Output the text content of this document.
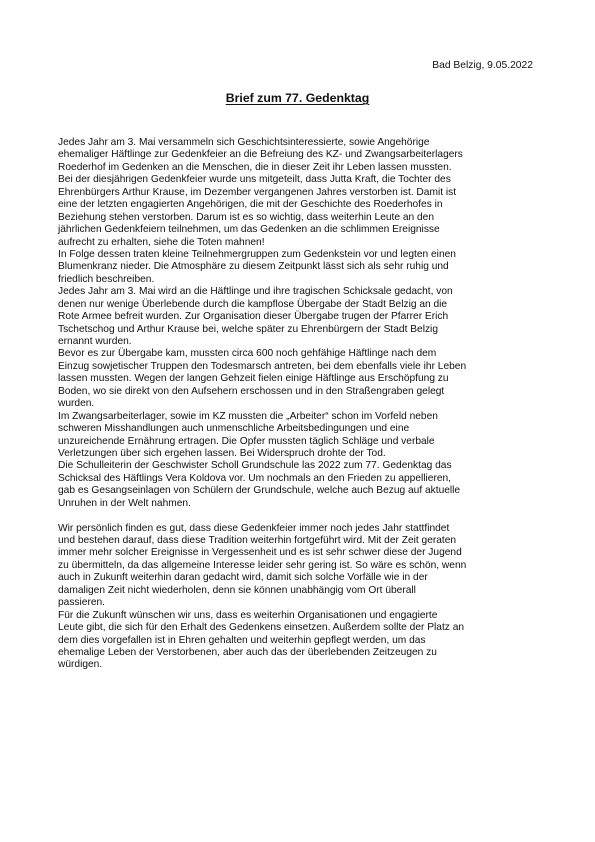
Bad Belzig, 9.05.2022
Brief zum 77. Gedenktag
Jedes Jahr am 3. Mai versammeln sich Geschichtsinteressierte, sowie Angehörige
ehemaliger Häftlinge zur Gedenkfeier an die Befreiung des KZ- und Zwangsarbeiterlagers
Roederhof im Gedenken an die Menschen, die in dieser Zeit ihr Leben lassen mussten.
Bei der diesjährigen Gedenkfeier wurde uns mitgeteilt, dass Jutta Kraft, die Tochter des
Ehrenbürgers Arthur Krause, im Dezember vergangenen Jahres verstorben ist. Damit ist
eine der letzten engagierten Angehörigen, die mit der Geschichte des Roederhofes in
Beziehung stehen verstorben. Darum ist es so wichtig, dass weiterhin Leute an den
jährlichen Gedenkfeiern teilnehmen, um das Gedenken an die schlimmen Ereignisse
aufrecht zu erhalten, siehe die Toten mahnen!
In Folge dessen traten kleine Teilnehmergruppen zum Gedenkstein vor und legten einen
Blumenkranz nieder. Die Atmosphäre zu diesem Zeitpunkt lässt sich als sehr ruhig und
friedlich beschreiben.
Jedes Jahr am 3. Mai wird an die Häftlinge und ihre tragischen Schicksale gedacht, von
denen nur wenige Überlebende durch die kampflose Übergabe der Stadt Belzig an die
Rote Armee befreit wurden. Zur Organisation dieser Übergabe trugen der Pfarrer Erich
Tschetschog und Arthur Krause bei, welche später zu Ehrenbürgern der Stadt Belzig
ernannt wurden.
Bevor es zur Übergabe kam, mussten circa 600 noch gehfähige Häftlinge nach dem
Einzug sowjetischer Truppen den Todesmarsch antreten, bei dem ebenfalls viele ihr Leben
lassen mussten. Wegen der langen Gehzeit fielen einige Häftlinge aus Erschöpfung zu
Boden, wo sie direkt von den Aufsehern erschossen und in den Straßengraben gelegt
wurden.
Im Zwangsarbeiterlager, sowie im KZ mussten die „Arbeiter“ schon im Vorfeld neben
schweren Misshandlungen auch unmenschliche Arbeitsbedingungen und eine
unzureichende Ernährung ertragen. Die Opfer mussten täglich Schläge und verbale
Verletzungen über sich ergehen lassen. Bei Widerspruch drohte der Tod.
Die Schulleiterin der Geschwister Scholl Grundschule las 2022 zum 77. Gedenktag das
Schicksal des Häftlings Vera Koldova vor. Um nochmals an den Frieden zu appellieren,
gab es Gesangseinlagen von Schülern der Grundschule, welche auch Bezug auf aktuelle
Unruhen in der Welt nahmen.
Wir persönlich finden es gut, dass diese Gedenkfeier immer noch jedes Jahr stattfindet
und bestehen darauf, dass diese Tradition weiterhin fortgeführt wird. Mit der Zeit geraten
immer mehr solcher Ereignisse in Vergessenheit und es ist sehr schwer diese der Jugend
zu übermitteln, da das allgemeine Interesse leider sehr gering ist. So wäre es schön, wenn
auch in Zukunft weiterhin daran gedacht wird, damit sich solche Vorfälle wie in der
damaligen Zeit nicht wiederholen, denn sie können unabhängig vom Ort überall
passieren.
Für die Zukunft wünschen wir uns, dass es weiterhin Organisationen und engagierte
Leute gibt, die sich für den Erhalt des Gedenkens einsetzen. Außerdem sollte der Platz an
dem dies vorgefallen ist in Ehren gehalten und weiterhin gepflegt werden, um das
ehemalige Leben der Verstorbenen, aber auch das der überlebenden Zeitzeugen zu
würdigen.
